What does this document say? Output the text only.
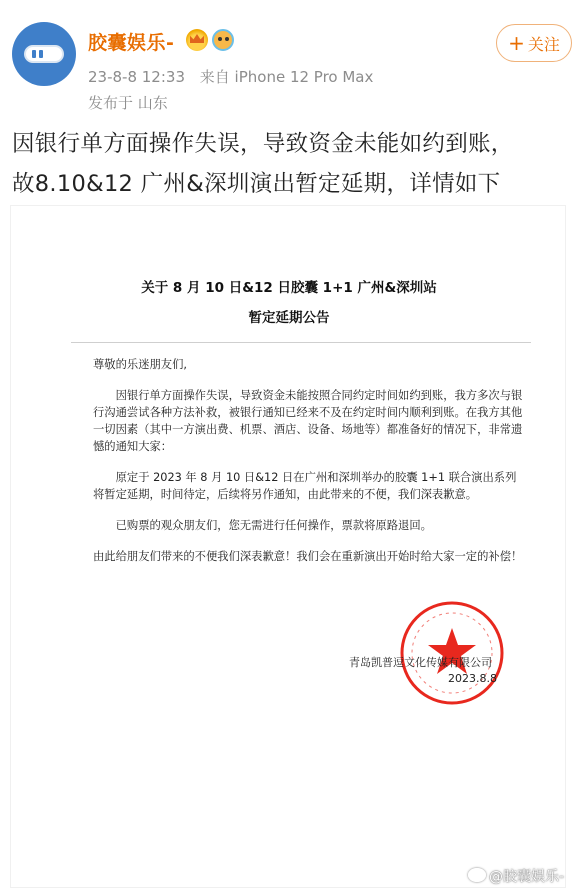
胶囊娱乐-
23-8-8 12:33 来自 iPhone 12 Pro Max
发布于 山东
+ 关注
因银行单方面操作失误，导致资金未能如约到账，
故8.10&12 广州&深圳演出暂定延期，详情如下
关于 8 月 10 日&12 日胶囊 1+1 广州&深圳站
暂定延期公告

尊敬的乐迷朋友们,

因银行单方面操作失误，导致资金未能按照合同约定时间如约到账，我方多次与银行沟通尝试各种方法补救，被银行通知已经来不及在约定时间内顺利到账。在我方其他一切因素（其中一方演出费、机票、酒店、设备、场地等）都准备好的情况下，非常遗憾的通知大家：

原定于 2023 年 8 月 10 日&12 日在广州和深圳举办的胶囊 1+1 联合演出系列将暂定延期，时间待定，后续将另作通知，由此带来的不便，我们深表歉意。

已购票的观众朋友们，您无需进行任何操作，票款将原路退回。

由此给朋友们带来的不便我们深表歉意！我们会在重新演出开始时给大家一定的补偿！

青岛凯普逗文化传媒有限公司
2023.8.8
@胶囊娱乐-
